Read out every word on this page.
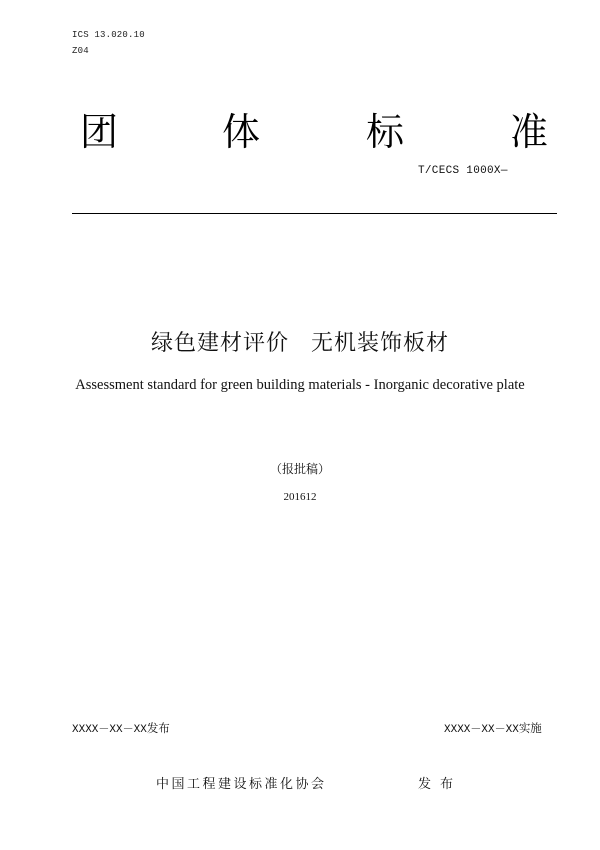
ICS 13.020.10
Z04
团	体	标	准
T/CECS 1000X—
绿色建材评价 无机装饰板材
Assessment standard for green building materials - Inorganic decorative plate
（报批稿）
201612
XXXX－XX－XX发布	XXXX－XX－XX实施
中国工程建设标准化协会	发布
